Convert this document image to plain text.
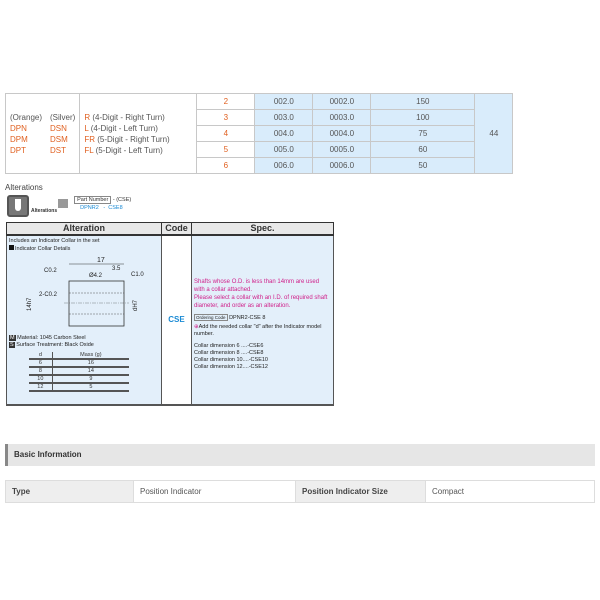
(Orange) (Silver)
DPN	DSN
DPM	DSM
DPT	DST

R (4-Digit - Right Turn)
L (4-Digit - Left Turn)
FR (5-Digit - Right Turn)
FL (5-Digit - Left Turn)
	2	002.0	0002.0	150	44
		3	003.0	0003.0	100	
		4	004.0	0004.0	75	
		5	005.0	0005.0	60	
		6	006.0	0006.0	50	
Alterations
Alterations
Part Number - (CSE)
DPNR2 - CSE8
Alteration	Code	Spec.

Includes an Indicator Collar in the set
Indicator Collar Details
17
C0.2
Ø4.2
3.5
C1.0
2-C0.2
14h7	dH7
M Material: 1045 Carbon Steel
S Surface Treatment: Black Oxide
d	Mass (g)
6	16
8	14
10	9
12	5
	CSE	
Shafts whose O.D. is less than 14mm are used with a collar attached.
Please select a collar with an I.D. of required shaft diameter, and order as an alteration.
Ordering Code DPNR2-CSE 8
⊕Add the needed collar "d" after the Indicator model number.
Collar dimension 6 ....-CSE6
Collar dimension 8 ....-CSE8
Collar dimension 10....-CSE10
Collar dimension 12....-CSE12
Basic Information
Type	Position Indicator	Position Indicator Size	Compact
